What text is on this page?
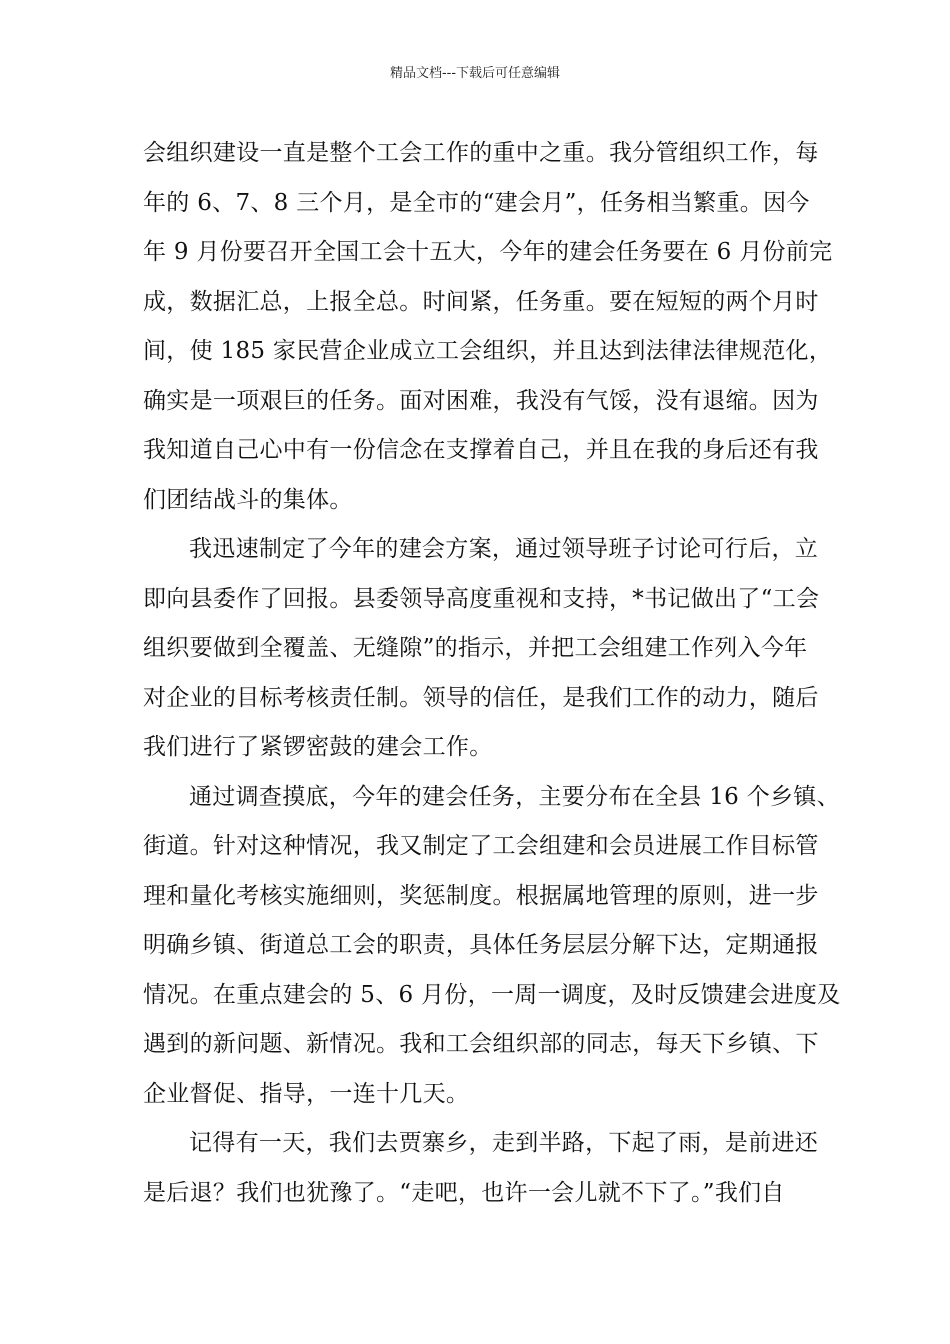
精品文档---下载后可任意编辑

会组织建设一直是整个工会工作的重中之重。我分管组织工作，每
年的 6、7、8 三个月，是全市的“建会月”，任务相当繁重。因今
年 9 月份要召开全国工会十五大，今年的建会任务要在 6 月份前完
成，数据汇总，上报全总。时间紧，任务重。要在短短的两个月时
间，使 185 家民营企业成立工会组织，并且达到法律法律规范化，
确实是一项艰巨的任务。面对困难，我没有气馁，没有退缩。因为
我知道自己心中有一份信念在支撑着自己，并且在我的身后还有我
们团结战斗的集体。

我迅速制定了今年的建会方案，通过领导班子讨论可行后，立
即向县委作了回报。县委领导高度重视和支持，*书记做出了“工会
组织要做到全覆盖、无缝隙”的指示，并把工会组建工作列入今年
对企业的目标考核责任制。领导的信任，是我们工作的动力，随后
我们进行了紧锣密鼓的建会工作。

通过调查摸底，今年的建会任务，主要分布在全县 16 个乡镇、
街道。针对这种情况，我又制定了工会组建和会员进展工作目标管
理和量化考核实施细则，奖惩制度。根据属地管理的原则，进一步
明确乡镇、街道总工会的职责，具体任务层层分解下达，定期通报
情况。在重点建会的 5、6 月份，一周一调度，及时反馈建会进度及
遇到的新问题、新情况。我和工会组织部的同志，每天下乡镇、下
企业督促、指导，一连十几天。

记得有一天，我们去贾寨乡，走到半路，下起了雨，是前进还
是后退？我们也犹豫了。“走吧，也许一会儿就不下了。”我们自
